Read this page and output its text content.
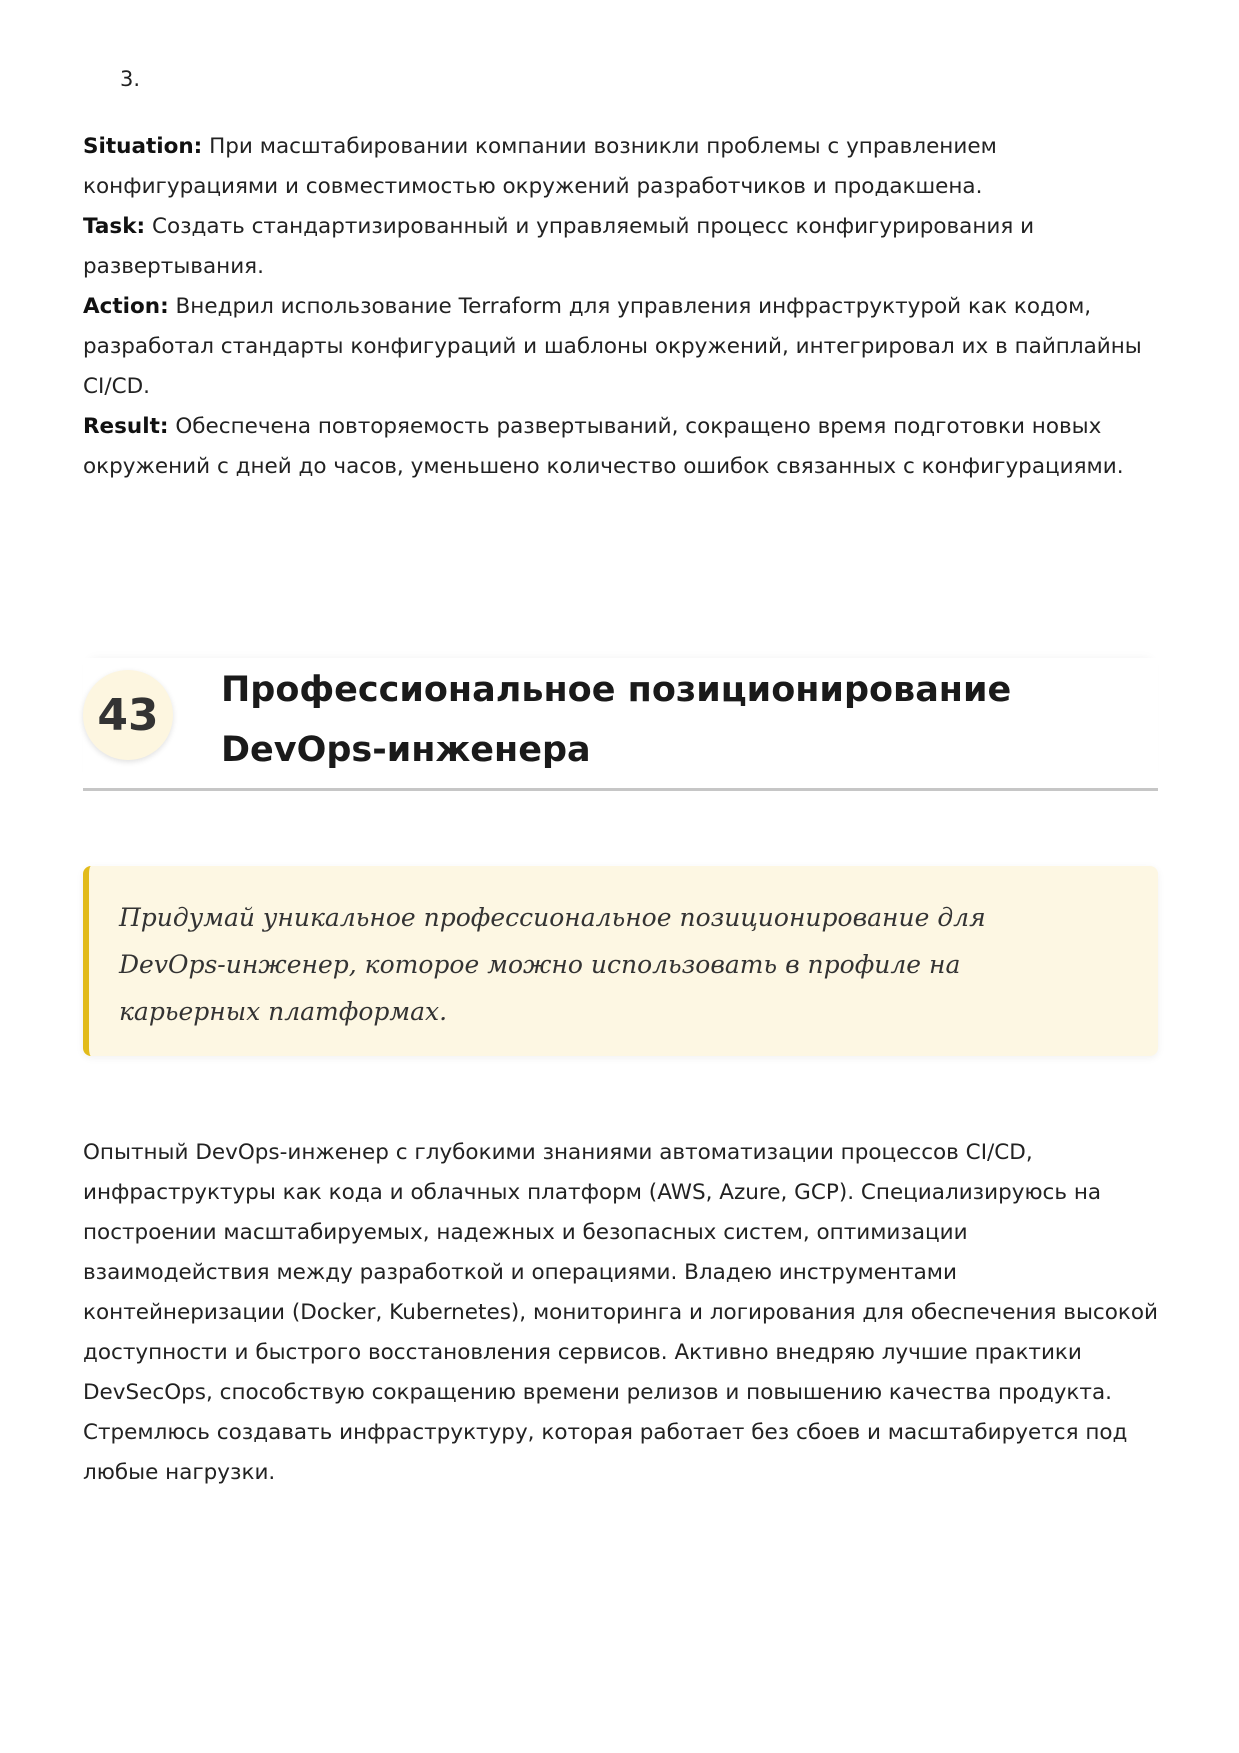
3.

Situation: При масштабировании компании возникли проблемы с управлением конфигурациями и совместимостью окружений разработчиков и продакшена.

Task: Создать стандартизированный и управляемый процесс конфигурирования и развертывания.

Action: Внедрил использование Terraform для управления инфраструктурой как кодом, разработал стандарты конфигураций и шаблоны окружений, интегрировал их в пайплайны CI/CD.

Result: Обеспечена повторяемость развертываний, сокращено время подготовки новых окружений с дней до часов, уменьшено количество ошибок связанных с конфигурациями.

43	Профессиональное позиционирование DevOps-инженера

Придумай уникальное профессиональное позиционирование для DevOps-инженер, которое можно использовать в профиле на карьерных платформах.

Опытный DevOps-инженер с глубокими знаниями автоматизации процессов CI/CD, инфраструктуры как кода и облачных платформ (AWS, Azure, GCP). Специализируюсь на построении масштабируемых, надежных и безопасных систем, оптимизации взаимодействия между разработкой и операциями. Владею инструментами контейнеризации (Docker, Kubernetes), мониторинга и логирования для обеспечения высокой доступности и быстрого восстановления сервисов. Активно внедряю лучшие практики DevSecOps, способствую сокращению времени релизов и повышению качества продукта. Стремлюсь создавать инфраструктуру, которая работает без сбоев и масштабируется под любые нагрузки.
